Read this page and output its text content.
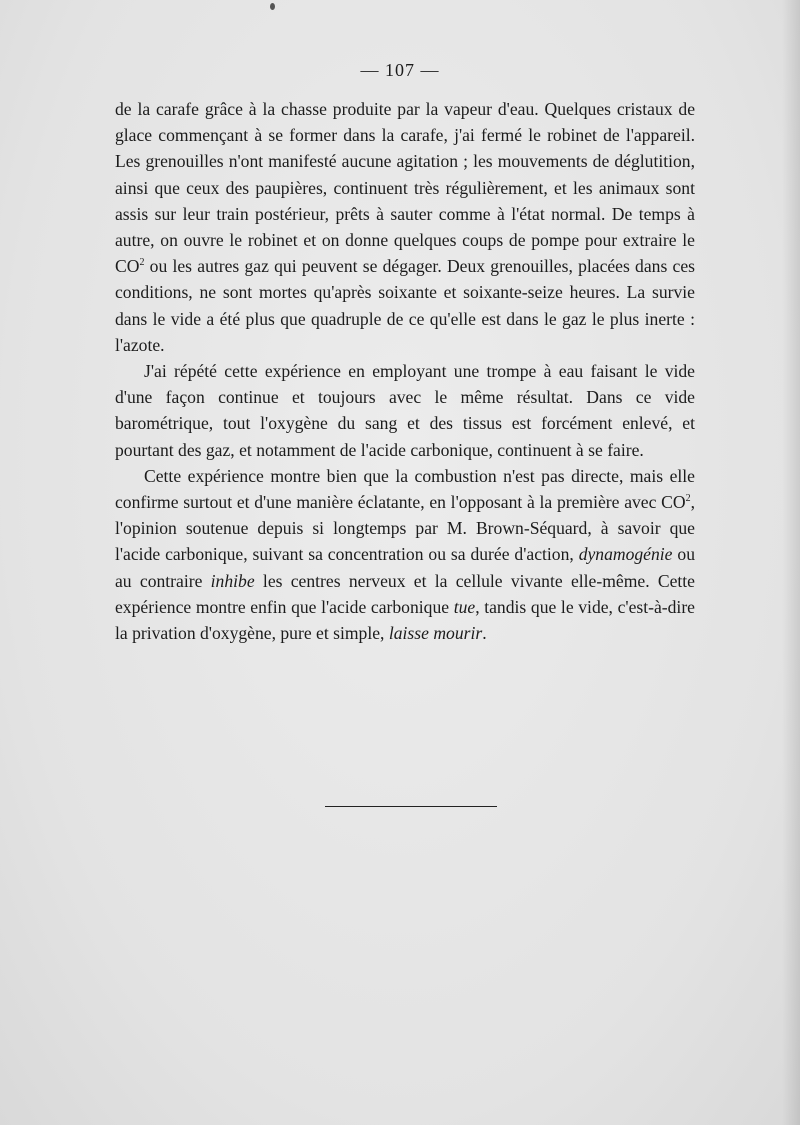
— 107 —

de la carafe grâce à la chasse produite par la vapeur d'eau. Quelques cristaux de glace commençant à se former dans la carafe, j'ai fermé le robinet de l'appareil. Les grenouilles n'ont manifesté aucune agitation ; les mouvements de déglutition, ainsi que ceux des paupières, continuent très régulièrement, et les animaux sont assis sur leur train postérieur, prêts à sauter comme à l'état normal. De temps à autre, on ouvre le robinet et on donne quelques coups de pompe pour extraire le $CO^2$ ou les autres gaz qui peuvent se dégager. Deux grenouilles, placées dans ces conditions, ne sont mortes qu'après soixante et soixante-seize heures. La survie dans le vide a été plus que quadruple de ce qu'elle est dans le gaz le plus inerte : l'azote.

J'ai répété cette expérience en employant une trompe à eau faisant le vide d'une façon continue et toujours avec le même résultat. Dans ce vide barométrique, tout l'oxygène du sang et des tissus est forcément enlevé, et pourtant des gaz, et notamment de l'acide carbonique, continuent à se faire.

Cette expérience montre bien que la combustion n'est pas directe, mais elle confirme surtout et d'une manière éclatante, en l'opposant à la première avec $CO^2$, l'opinion soutenue depuis si longtemps par M. Brown-Séquard, à savoir que l'acide carbonique, suivant sa concentration ou sa durée d'action, dynamogénie ou au contraire inhibe les centres nerveux et la cellule vivante elle-même. Cette expérience montre enfin que l'acide carbonique tue, tandis que le vide, c'est-à-dire la privation d'oxygène, pure et simple, laisse mourir.
